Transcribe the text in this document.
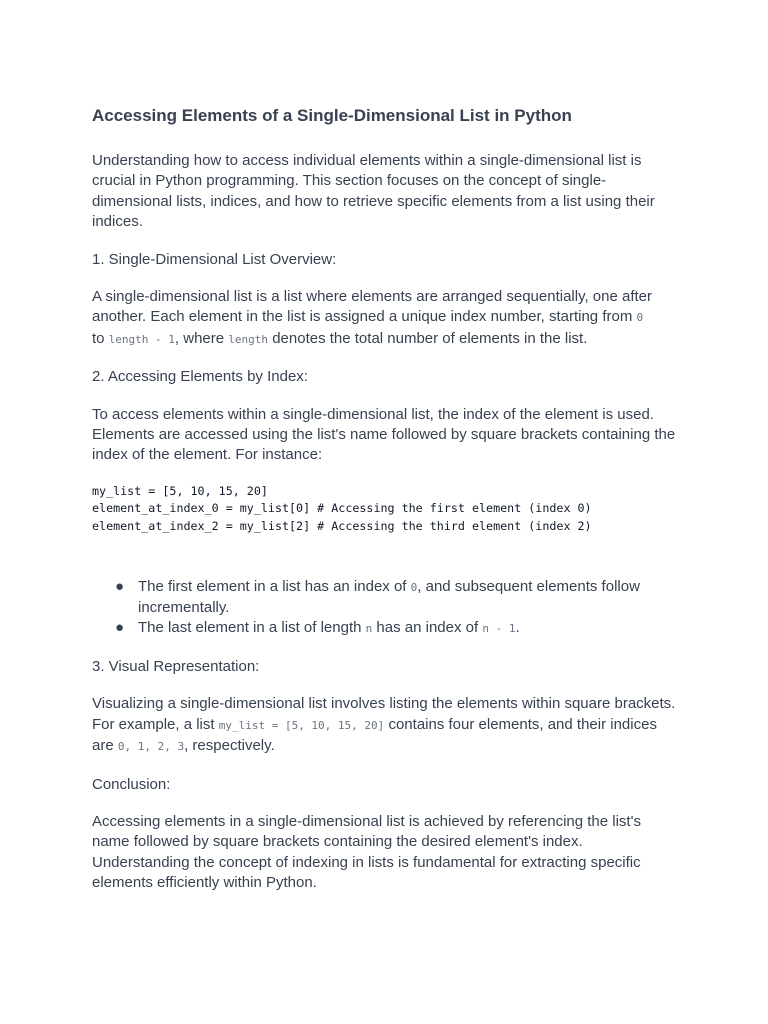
Accessing Elements of a Single-Dimensional List in Python

Understanding how to access individual elements within a single-dimensional list is crucial in Python programming. This section focuses on the concept of single-dimensional lists, indices, and how to retrieve specific elements from a list using their indices.

1. Single-Dimensional List Overview:

A single-dimensional list is a list where elements are arranged sequentially, one after another. Each element in the list is assigned a unique index number, starting from 0
to length - 1, where length denotes the total number of elements in the list.

2. Accessing Elements by Index:

To access elements within a single-dimensional list, the index of the element is used. Elements are accessed using the list's name followed by square brackets containing the index of the element. For instance:

my_list = [5, 10, 15, 20]
element_at_index_0 = my_list[0] # Accessing the first element (index 0)
element_at_index_2 = my_list[2] # Accessing the third element (index 2)
● The first element in a list has an index of 0, and subsequent elements follow incrementally.
● The last element in a list of length n has an index of n - 1.

3. Visual Representation:

Visualizing a single-dimensional list involves listing the elements within square brackets. For example, a list my_list = [5, 10, 15, 20] contains four elements, and their indices are 0, 1, 2, 3, respectively.

Conclusion:

Accessing elements in a single-dimensional list is achieved by referencing the list's name followed by square brackets containing the desired element's index. Understanding the concept of indexing in lists is fundamental for extracting specific elements efficiently within Python.
